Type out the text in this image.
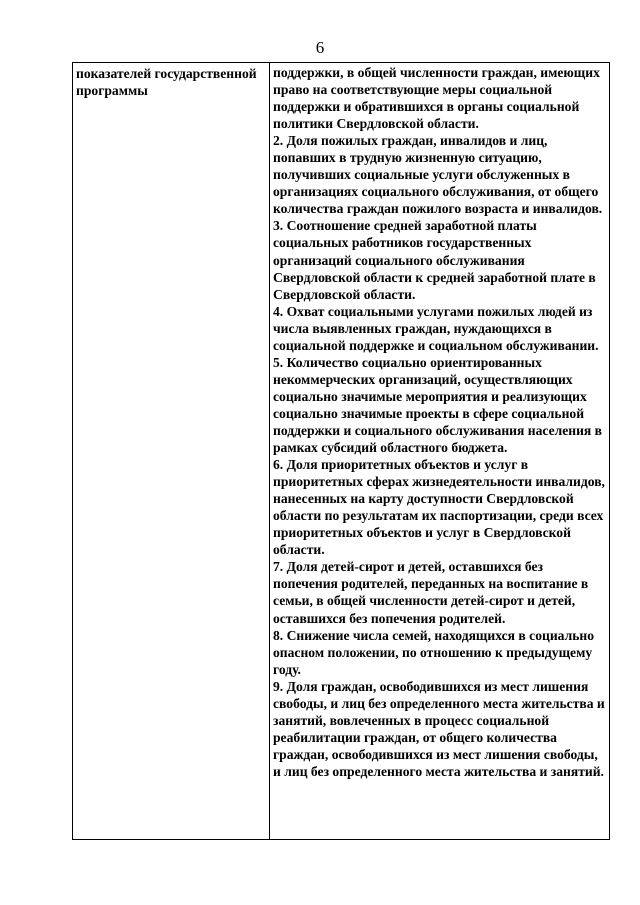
6
показателей государственной программы

поддержки, в общей численности граждан, имеющих право на соответствующие меры социальной поддержки и обратившихся в органы социальной политики Свердловской области.

2. Доля пожилых граждан, инвалидов и лиц, попавших в трудную жизненную ситуацию, получивших социальные услуги обслуженных в организациях социального обслуживания, от общего количества граждан пожилого возраста и инвалидов.

3. Соотношение средней заработной платы социальных работников государственных организаций социального обслуживания Свердловской области к средней заработной плате в Свердловской области.

4. Охват социальными услугами пожилых людей из числа выявленных граждан, нуждающихся в социальной поддержке и социальном обслуживании.

5. Количество социально ориентированных некоммерческих организаций, осуществляющих социально значимые мероприятия и реализующих социально значимые проекты в сфере социальной поддержки и социального обслуживания населения в рамках субсидий областного бюджета.

6. Доля приоритетных объектов и услуг в приоритетных сферах жизнедеятельности инвалидов, нанесенных на карту доступности Свердловской области по результатам их паспортизации, среди всех приоритетных объектов и услуг в Свердловской области.

7. Доля детей-сирот и детей, оставшихся без попечения родителей, переданных на воспитание в семьи, в общей численности детей-сирот и детей, оставшихся без попечения родителей.

8. Снижение числа семей, находящихся в социально опасном положении, по отношению к предыдущему году.

9. Доля граждан, освободившихся из мест лишения свободы, и лиц без определенного места жительства и занятий, вовлеченных в процесс социальной реабилитации граждан, от общего количества граждан, освободившихся из мест лишения свободы, и лиц без определенного места жительства и занятий.
